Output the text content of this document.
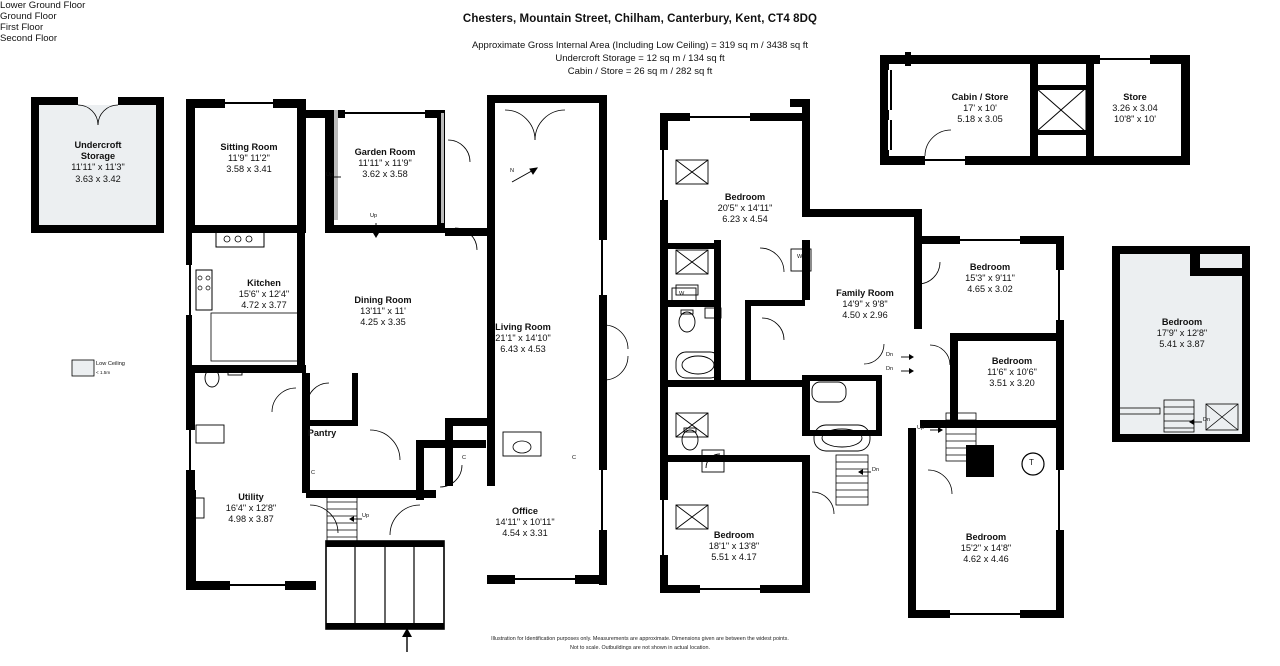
Chesters, Mountain Street, Chilham, Canterbury, Kent, CT4 8DQ
Approximate Gross Internal Area (Including Low Ceiling) = 319 sq m / 3438 sq ft
Undercroft Storage = 12 sq m / 134 sq ft
Cabin / Store = 26 sq m / 282 sq ft
Undercroft
Storage
11'11" x 11'3"
3.63 x 3.42
Sitting Room
11'9" 11'2"
3.58 x 3.41
Garden Room
11'11" x 11'9"
3.62 x 3.58
Kitchen
15'6" x 12'4"
4.72 x 3.77
Dining Room
13'11" x 11'
4.25 x 3.35	Living Room
21'1" x 14'10"
6.43 x 4.53
Pantry
Utility
16'4" x 12'8"
4.98 x 3.87
Office
14'11" x 10'11"
4.54 x 3.31
Bedroom
20'5" x 14'11"
6.23 x 4.54
Family Room
14'9" x 9'8"
4.50 x 2.96
Bedroom
15'3" x 9'11"
4.65 x 3.02
Bedroom
11'6" x 10'6"
3.51 x 3.20
Bedroom
18'1" x 13'8"
5.51 x 4.17
Bedroom
15'2" x 14'8"
4.62 x 4.46
Bedroom
17'9" x 12'8"
5.41 x 3.87
Cabin / Store
17' x 10'
5.18 x 3.05
Store
3.26 x 3.04
10'8" x 10'
Lower Ground Floor
Ground Floor
First Floor
Second Floor
Low Ceiling
< 1.5m
Up
Up
Up
C
C	C
N
W
W
Dn
Dn
Dn
Up
T
Dn
Illustration for Identification purposes only. Measurements are approximate. Dimensions given are between the widest points.
Not to scale. Outbuildings are not shown in actual location.
